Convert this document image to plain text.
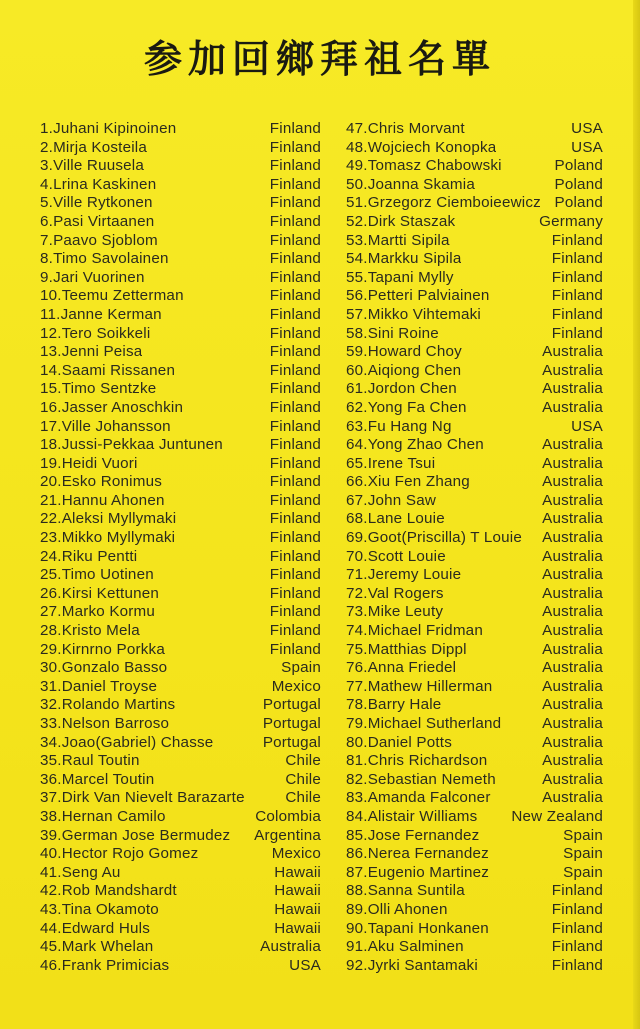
参加回鄉拜祖名單
1.Juhani Kipinoinen	Finland
2.Mirja Kosteila	Finland
3.Ville Ruusela	Finland
4.Lrina Kaskinen	Finland
5.Ville Rytkonen	Finland
6.Pasi Virtaanen	Finland
7.Paavo Sjoblom	Finland
8.Timo Savolainen	Finland
9.Jari Vuorinen	Finland
10.Teemu Zetterman	Finland
11.Janne Kerman	Finland
12.Tero Soikkeli	Finland
13.Jenni Peisa	Finland
14.Saami Rissanen	Finland
15.Timo Sentzke	Finland
16.Jasser Anoschkin	Finland
17.Ville Johansson	Finland
18.Jussi-Pekkaa Juntunen	Finland
19.Heidi Vuori	Finland
20.Esko Ronimus	Finland
21.Hannu Ahonen	Finland
22.Aleksi Myllymaki	Finland
23.Mikko Myllymaki	Finland
24.Riku Pentti	Finland
25.Timo Uotinen	Finland
26.Kirsi Kettunen	Finland
27.Marko Kormu	Finland
28.Kristo Mela	Finland
29.Kirnrno Porkka	Finland
30.Gonzalo Basso	Spain
31.Daniel Troyse	Mexico
32.Rolando Martins	Portugal
33.Nelson Barroso	Portugal
34.Joao(Gabriel) Chasse	Portugal
35.Raul Toutin	Chile
36.Marcel Toutin	Chile
37.Dirk Van Nievelt Barazarte	Chile
38.Hernan Camilo	Colombia
39.German Jose Bermudez Argentina
40.Hector Rojo Gomez	Mexico
41.Seng Au	Hawaii
42.Rob Mandshardt	Hawaii
43.Tina Okamoto	Hawaii
44.Edward Huls	Hawaii
45.Mark Whelan	Australia
46.Frank Primicias	USA
47.Chris Morvant	USA
48.Wojciech Konopka	USA
49.Tomasz Chabowski	Poland
50.Joanna Skamia	Poland
51.Grzegorz Ciemboieewicz Poland
52.Dirk Staszak	Germany
53.Martti Sipila	Finland
54.Markku Sipila	Finland
55.Tapani Mylly	Finland
56.Petteri Palviainen	Finland
57.Mikko Vihtemaki	Finland
58.Sini Roine	Finland
59.Howard Choy	Australia
60.Aiqiong Chen	Australia
61.Jordon Chen	Australia
62.Yong Fa Chen	Australia
63.Fu Hang Ng	USA
64.Yong Zhao Chen	Australia
65.Irene Tsui	Australia
66.Xiu Fen Zhang	Australia
67.John Saw	Australia
68.Lane Louie	Australia
69.Goot(Priscilla) T Louie Australia
70.Scott Louie	Australia
71.Jeremy Louie	Australia
72.Val Rogers	Australia
73.Mike Leuty	Australia
74.Michael Fridman	Australia
75.Matthias Dippl	Australia
76.Anna Friedel	Australia
77.Mathew Hillerman	Australia
78.Barry Hale	Australia
79.Michael Sutherland	Australia
80.Daniel Potts	Australia
81.Chris Richardson	Australia
82.Sebastian Nemeth	Australia
83.Amanda Falconer	Australia
84.Alistair Williams New Zealand
85.Jose Fernandez	Spain
86.Nerea Fernandez	Spain
87.Eugenio Martinez	Spain
88.Sanna Suntila	Finland
89.Olli Ahonen	Finland
90.Tapani Honkanen	Finland
91.Aku Salminen	Finland
92.Jyrki Santamaki	Finland
